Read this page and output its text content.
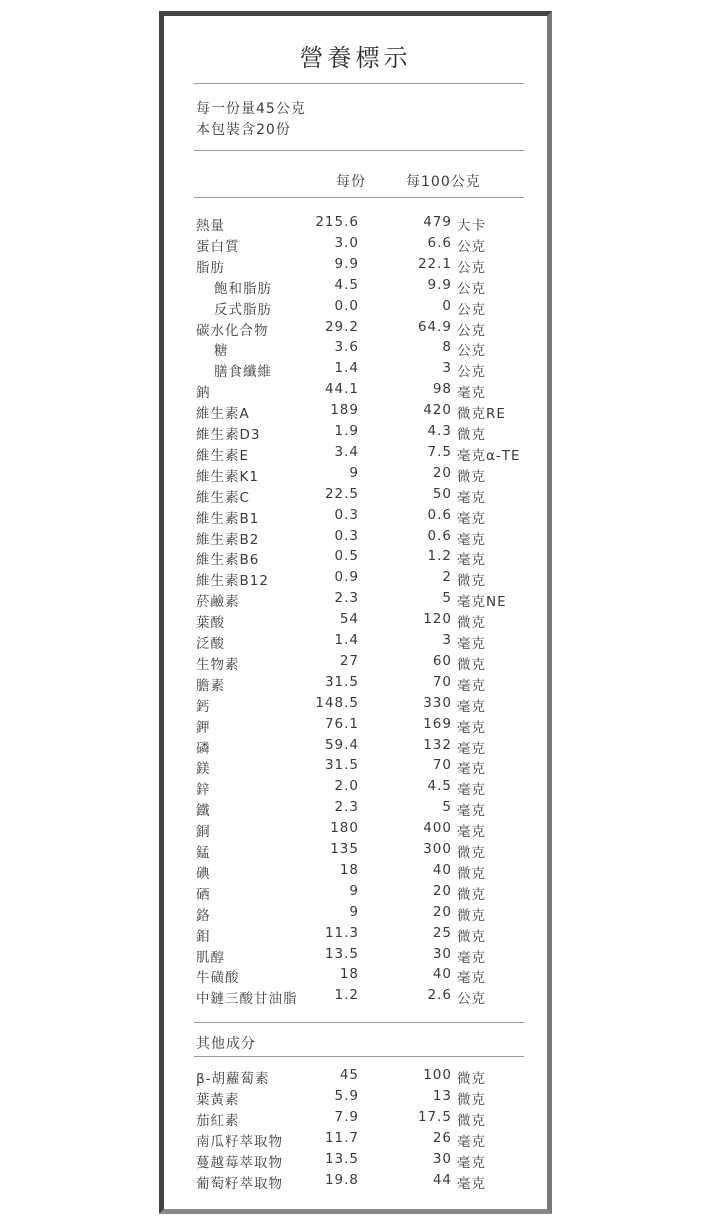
營養標示
每一份量45公克
本包裝含20份
每份	每100公克
熱量	215.6	479 大卡
蛋白質	3.0	6.6 公克
脂肪	9.9	22.1 公克
飽和脂肪	4.5	9.9 公克
反式脂肪	0.0	0 公克
碳水化合物	29.2	64.9 公克
糖	3.6	8 公克
膳食纖維	1.4	3 公克
鈉	44.1	98 毫克
維生素A	189	420 微克RE
維生素D3	1.9	4.3 微克
維生素E	3.4	7.5 毫克α-TE
維生素K1	9	20 微克
維生素C	22.5	50 毫克
維生素B1	0.3	0.6 毫克
維生素B2	0.3	0.6 毫克
維生素B6	0.5	1.2 毫克
維生素B12	0.9	2 微克
菸鹼素	2.3	5 毫克NE
葉酸	54	120 微克
泛酸	1.4	3 毫克
生物素	27	60 微克
膽素	31.5	70 毫克
鈣	148.5	330 毫克
鉀	76.1	169 毫克
磷	59.4	132 毫克
鎂	31.5	70 毫克
鋅	2.0	4.5 毫克
鐵	2.3	5 毫克
銅	180	400 毫克
錳	135	300 微克
碘	18	40 微克
硒	9	20 微克
鉻	9	20 微克
鉬	11.3	25 微克
肌醇	13.5	30 毫克
牛磺酸	18	40 毫克
中鏈三酸甘油脂	1.2	2.6 公克
其他成分
β-胡蘿蔔素	45	100 微克
葉黃素	5.9	13 微克
茄紅素	7.9	17.5 微克
南瓜籽萃取物	11.7	26 毫克
蔓越莓萃取物	13.5	30 毫克
葡萄籽萃取物	19.8	44 毫克
